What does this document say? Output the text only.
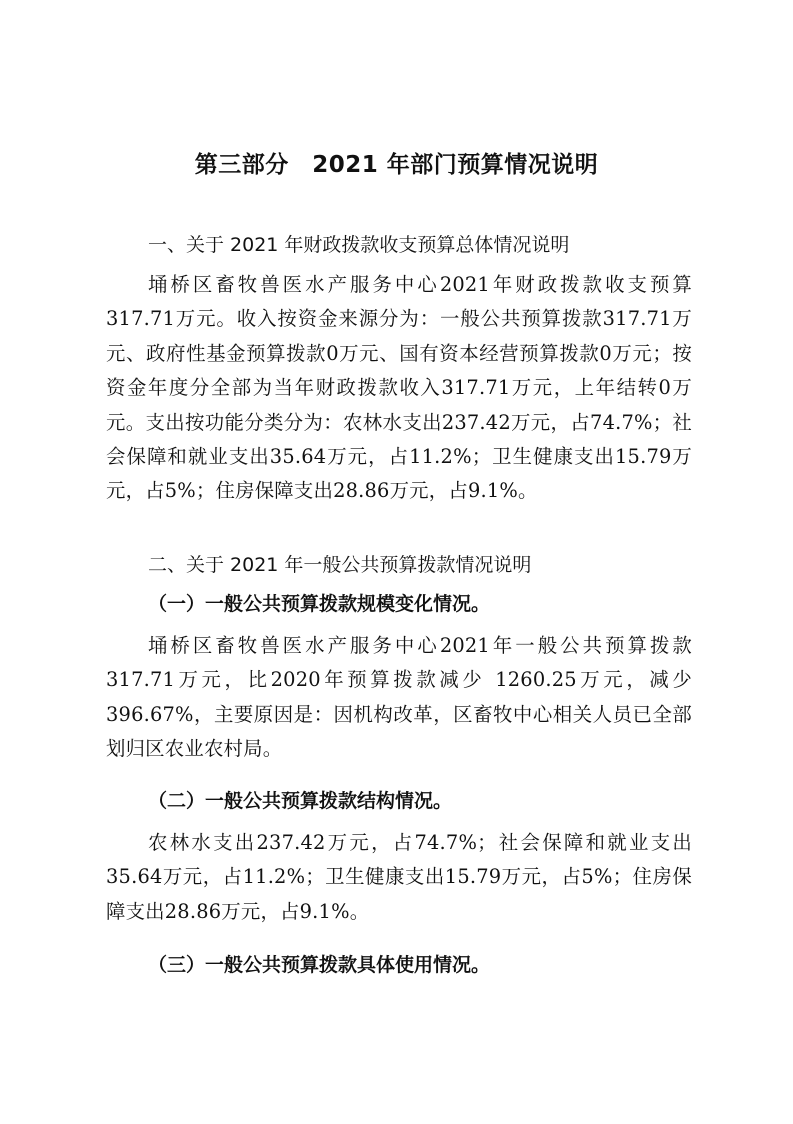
第三部分　2021 年部门预算情况说明
一、关于 2021 年财政拨款收支预算总体情况说明
埇桥区畜牧兽医水产服务中心2021年财政拨款收支预算317.71万元。收入按资金来源分为：一般公共预算拨款317.71万元、政府性基金预算拨款0万元、国有资本经营预算拨款0万元；按资金年度分全部为当年财政拨款收入317.71万元，上年结转0万元。支出按功能分类分为：农林水支出237.42万元，占74.7%；社会保障和就业支出35.64万元，占11.2%；卫生健康支出15.79万元，占5%；住房保障支出28.86万元，占9.1%。
二、关于 2021 年一般公共预算拨款情况说明
（一）一般公共预算拨款规模变化情况。
埇桥区畜牧兽医水产服务中心2021年一般公共预算拨款317.71万元，比2020年预算拨款减少 1260.25万元，减少396.67%，主要原因是：因机构改革，区畜牧中心相关人员已全部划归区农业农村局。
（二）一般公共预算拨款结构情况。
农林水支出237.42万元，占74.7%；社会保障和就业支出35.64万元，占11.2%；卫生健康支出15.79万元，占5%；住房保障支出28.86万元，占9.1%。
（三）一般公共预算拨款具体使用情况。
